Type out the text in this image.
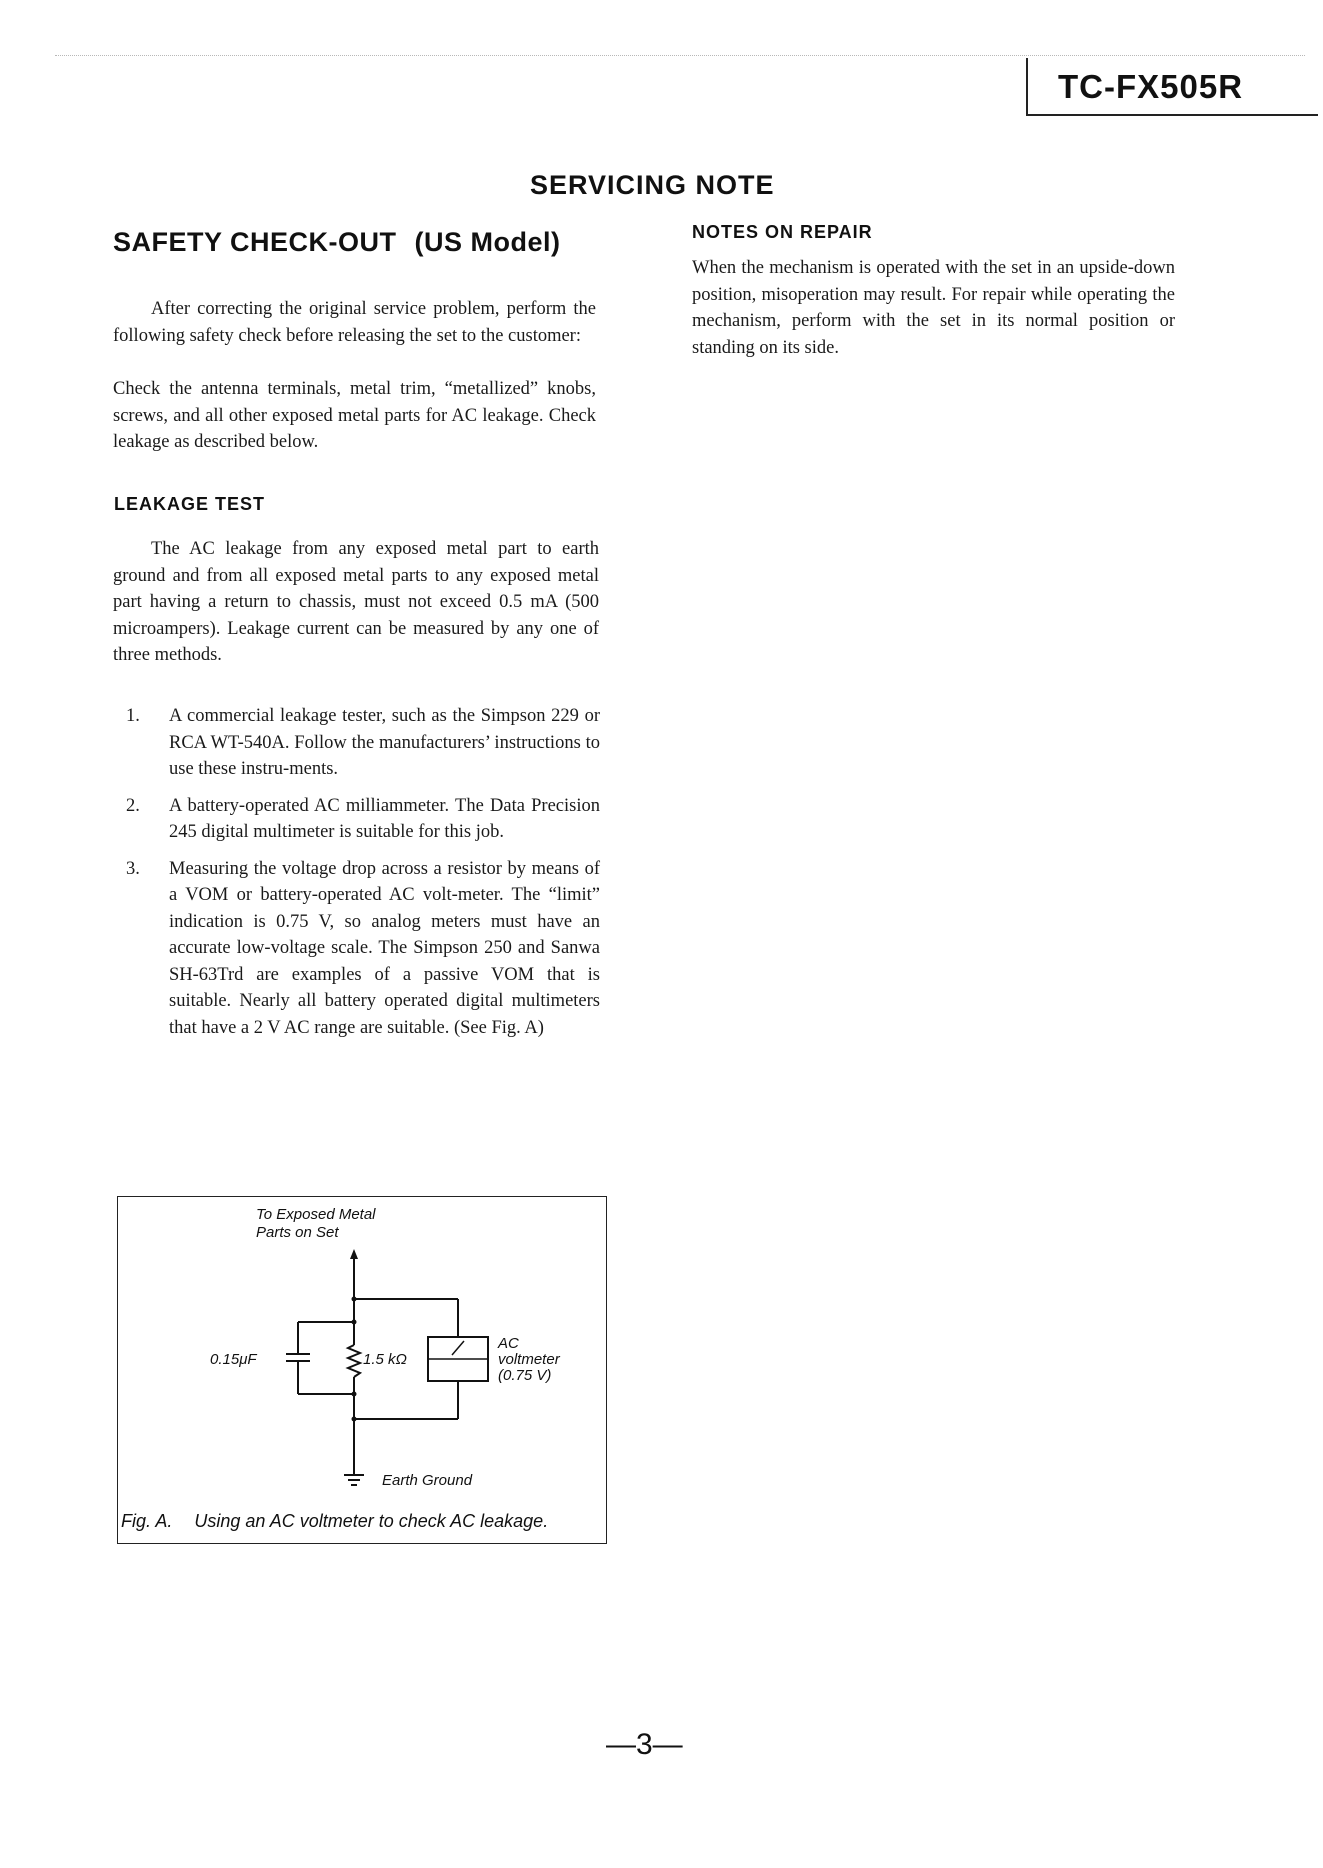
TC-FX505R
SERVICING NOTE
SAFETY CHECK-OUT (US Model)

After correcting the original service problem, perform the following safety check before releasing the set to the customer:

Check the antenna terminals, metal trim, “metallized” knobs, screws, and all other exposed metal parts for AC leakage. Check leakage as described below.

LEAKAGE TEST

The AC leakage from any exposed metal part to earth ground and from all exposed metal parts to any exposed metal part having a return to chassis, must not exceed 0.5 mA (500 microampers). Leakage current can be measured by any one of three methods.

1. A commercial leakage tester, such as the Simpson 229 or RCA WT-540A. Follow the manufacturers’ instructions to use these instru-ments.
2. A battery-operated AC milliammeter. The Data Precision 245 digital multimeter is suitable for this job.
3. Measuring the voltage drop across a resistor by means of a VOM or battery-operated AC volt-meter. The “limit” indication is 0.75 V, so analog meters must have an accurate low-voltage scale. The Simpson 250 and Sanwa SH-63Trd are examples of a passive VOM that is suitable. Nearly all battery operated digital multimeters that have a 2 V AC range are suitable. (See Fig. A)
To Exposed Metal
Parts on Set
0.15μF	1.5 kΩ
AC
voltmeter
(0.75 V)
Earth Ground
Fig. A. Using an AC voltmeter to check AC leakage.
NOTES ON REPAIR

When the mechanism is operated with the set in an upside-down position, misoperation may result. For repair while operating the mechanism, perform with the set in its normal position or standing on its side.

—3—
